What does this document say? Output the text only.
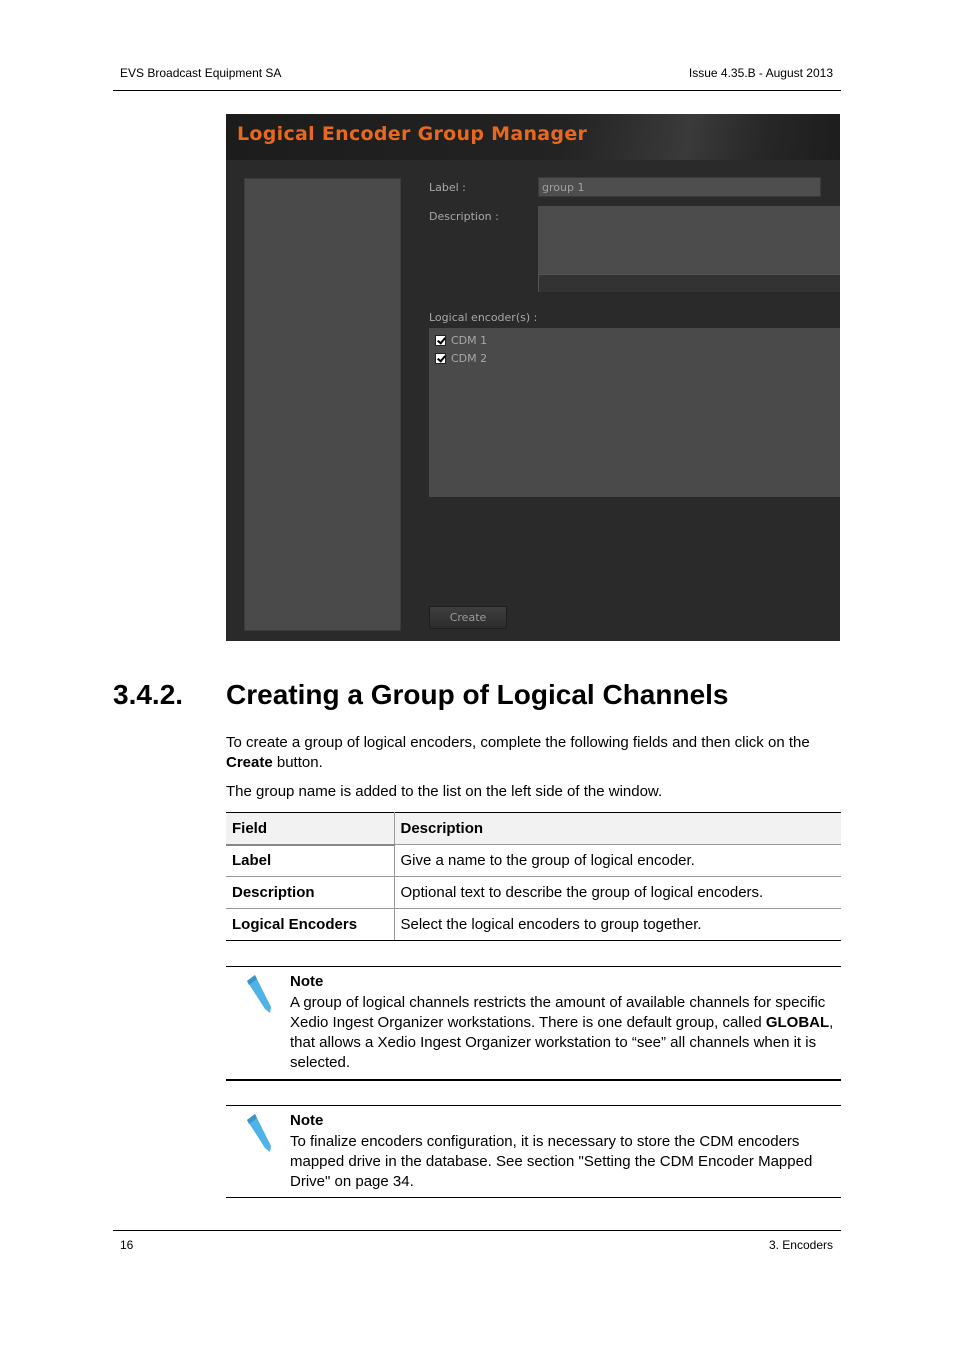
EVS Broadcast Equipment SA	Issue 4.35.B - August 2013
Logical Encoder Group Manager
Label :	group 1
Description :
Logical encoder(s) :
CDM 1
CDM 2
Create
3.4.2. Creating a Group of Logical Channels
To create a group of logical encoders, complete the following fields and then click on the
Create button.
The group name is added to the list on the left side of the window.
Field	Description
Label	Give a name to the group of logical encoder.
Description	Optional text to describe the group of logical encoders.
Logical Encoders	Select the logical encoders to group together.
Note
A group of logical channels restricts the amount of available channels for specific Xedio Ingest Organizer workstations. There is one default group, called GLOBAL, that allows a Xedio Ingest Organizer workstation to “see” all channels when it is selected.
Note
To finalize encoders configuration, it is necessary to store the CDM encoders mapped drive in the database. See section "Setting the CDM Encoder Mapped Drive" on page 34.
16	3. Encoders
